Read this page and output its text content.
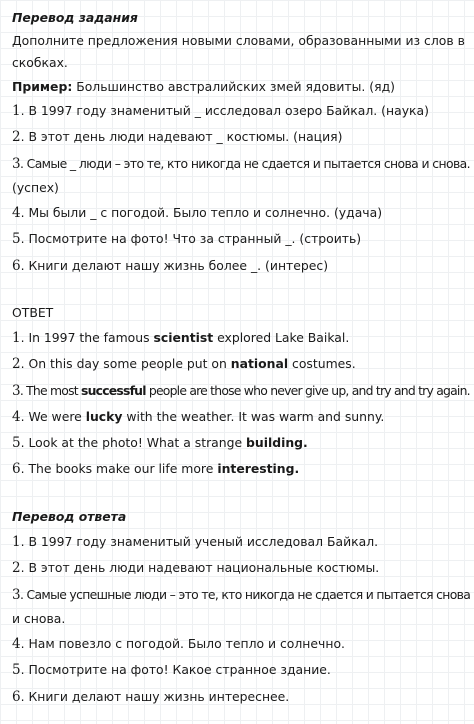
Перевод задания
Дополните предложения новыми словами, образованными из слов в
скобках.
Пример: Большинство австралийских змей ядовиты. (яд)
1. В 1997 году знаменитый _ исследовал озеро Байкал. (наука)
2. В этот день люди надевают _ костюмы. (нация)
3. Самые _ люди – это те, кто никогда не сдается и пытается снова и снова.
(успех)
4. Мы были _ с погодой. Было тепло и солнечно. (удача)
5. Посмотрите на фото! Что за странный _. (строить)
6. Книги делают нашу жизнь более _. (интерес)
ОТВЕТ
1. In 1997 the famous scientist explored Lake Baikal.
2. On this day some people put on national costumes.
3. The most successful people are those who never give up, and try and try again.
4. We were lucky with the weather. It was warm and sunny.
5. Look at the photo! What a strange building.
6. The books make our life more interesting.
Перевод ответа
1. В 1997 году знаменитый ученый исследовал Байкал.
2. В этот день люди надевают национальные костюмы.
3. Самые успешные люди – это те, кто никогда не сдается и пытается снова
и снова.
4. Нам повезло с погодой. Было тепло и солнечно.
5. Посмотрите на фото! Какое странное здание.
6. Книги делают нашу жизнь интереснее.
